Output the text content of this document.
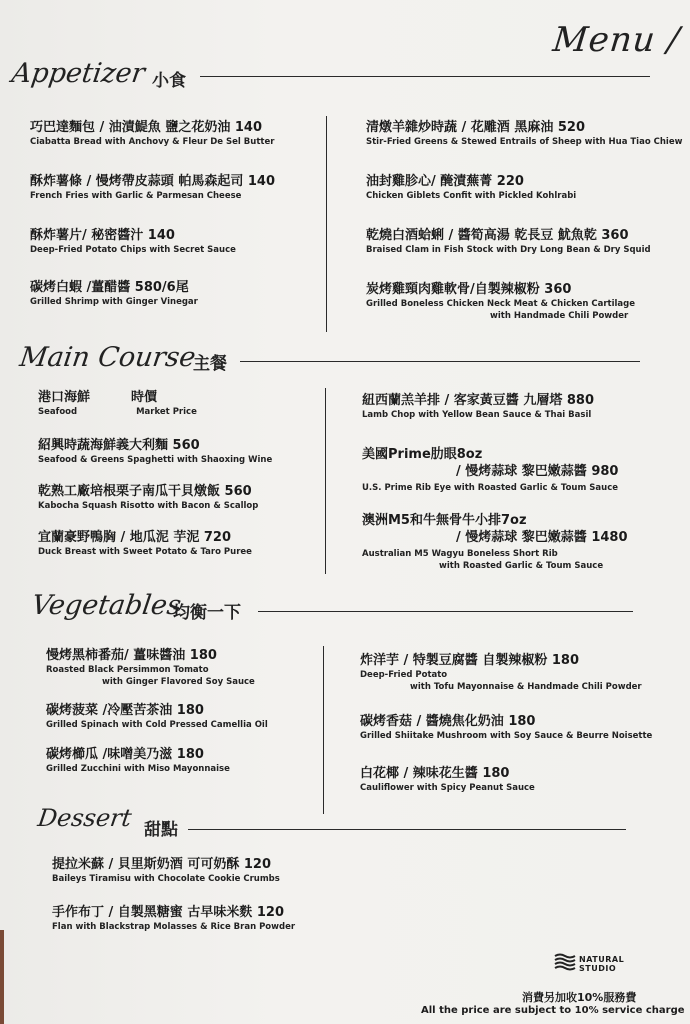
Menu /
Appetizer 小食
巧巴達麵包 / 油漬鯷魚 鹽之花奶油 140
Ciabatta Bread with Anchovy & Fleur De Sel Butter
酥炸薯條 / 慢烤帶皮蒜頭 帕馬森起司 140
French Fries with Garlic & Parmesan Cheese
酥炸薯片/ 秘密醬汁 140
Deep-Fried Potato Chips with Secret Sauce
碳烤白蝦 /薑醋醬 580/6尾
Grilled Shrimp with Ginger Vinegar
清燉羊雜炒時蔬 / 花雕酒 黑麻油 520
Stir-Fried Greens & Stewed Entrails of Sheep with Hua Tiao Chiew
油封雞胗心/ 醃漬蕪菁 220
Chicken Giblets Confit with Pickled Kohlrabi
乾燒白酒蛤蜊 / 醬筍高湯 乾長豆 魷魚乾 360
Braised Clam in Fish Stock with Dry Long Bean & Dry Squid
炭烤雞頸肉雞軟骨/自製辣椒粉 360
Grilled Boneless Chicken Neck Meat & Chicken Cartilage
with Handmade Chili Powder
Main Course
主餐
港口海鮮	時價
Seafood	Market Price
紹興時蔬海鮮義大利麵 560
Seafood & Greens Spaghetti with Shaoxing Wine
乾熟工廠培根栗子南瓜干貝燉飯 560
Kabocha Squash Risotto with Bacon & Scallop
宜蘭豪野鴨胸 / 地瓜泥 芋泥 720
Duck Breast with Sweet Potato & Taro Puree
紐西蘭羔羊排 / 客家黃豆醬 九層塔 880
Lamb Chop with Yellow Bean Sauce & Thai Basil
美國Prime肋眼8oz
/ 慢烤蒜球 黎巴嫩蒜醬 980
U.S. Prime Rib Eye with Roasted Garlic & Toum Sauce
澳洲M5和牛無骨牛小排7oz
/ 慢烤蒜球 黎巴嫩蒜醬 1480
Australian M5 Wagyu Boneless Short Rib
with Roasted Garlic & Toum Sauce
Vegetables
均衡一下
慢烤黑柿番茄/ 薑味醬油 180
Roasted Black Persimmon Tomato
with Ginger Flavored Soy Sauce
碳烤菠菜 /冷壓苦茶油 180
Grilled Spinach with Cold Pressed Camellia Oil
碳烤櫛瓜 /味噌美乃滋 180
Grilled Zucchini with Miso Mayonnaise
炸洋芋 / 特製豆腐醬 自製辣椒粉 180
Deep-Fried Potato
with Tofu Mayonnaise & Handmade Chili Powder
碳烤香菇 / 醬燒焦化奶油 180
Grilled Shiitake Mushroom with Soy Sauce & Beurre Noisette
白花椰 / 辣味花生醬 180
Cauliflower with Spicy Peanut Sauce
Dessert 甜點
提拉米蘇 / 貝里斯奶酒 可可奶酥 120
Baileys Tiramisu with Chocolate Cookie Crumbs
手作布丁 / 自製黑糖蜜 古早味米麩 120
Flan with Blackstrap Molasses & Rice Bran Powder
NATURAL
STUDIO
消費另加收10%服務費
All the price are subject to 10% service charge
